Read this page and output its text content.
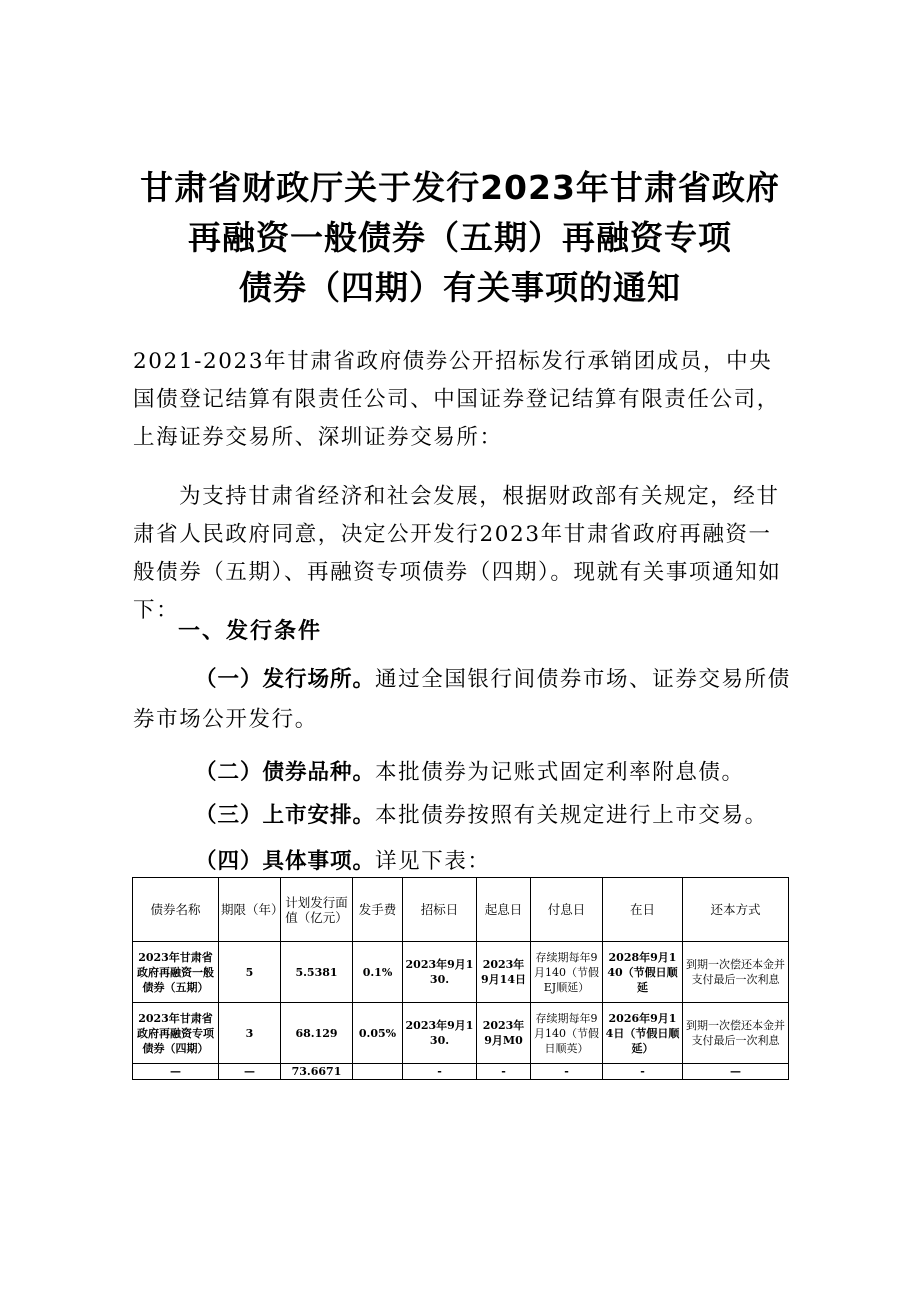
甘肃省财政厅关于发行2023年甘肃省政府
再融资一般债券（五期）再融资专项
债券（四期）有关事项的通知
2021-2023年甘肃省政府债券公开招标发行承销团成员，中央国债登记结算有限责任公司、中国证券登记结算有限责任公司，上海证券交易所、深圳证券交易所：
为支持甘肃省经济和社会发展，根据财政部有关规定，经甘肃省人民政府同意，决定公开发行2023年甘肃省政府再融资一般债券（五期）、再融资专项债券（四期）。现就有关事项通知如下：
一、发行条件
（一）发行场所。通过全国银行间债券市场、证券交易所债券市场公开发行。
（二）债券品种。本批债券为记账式固定利率附息债。
（三）上市安排。本批债券按照有关规定进行上市交易。
（四）具体事项。详见下表：
债券名称	期限（年）	计划发行面值（亿元）	发手费	招标日	起息日	付息日	在日	还本方式
2023年甘肃省政府再融资一般债券（五期）	5	5.5381	0.1%	2023年9月130.	2023年9月14日	存续期每年9月140（节假EJ顺延）	2028年9月140（节假日顺延	到期一次偿还本金并支付最后一次利息
2023年甘肃省政府再融资专项债券（四期）	3	68.129	0.05%	2023年9月130.	2023年9月M0	存续期每年9月140（节假日顺英）	2026年9月14日（节假日顺延）	到期一次偿还本金并支付最后一次利息
—	—	73.6671		-	-	-	-	—
